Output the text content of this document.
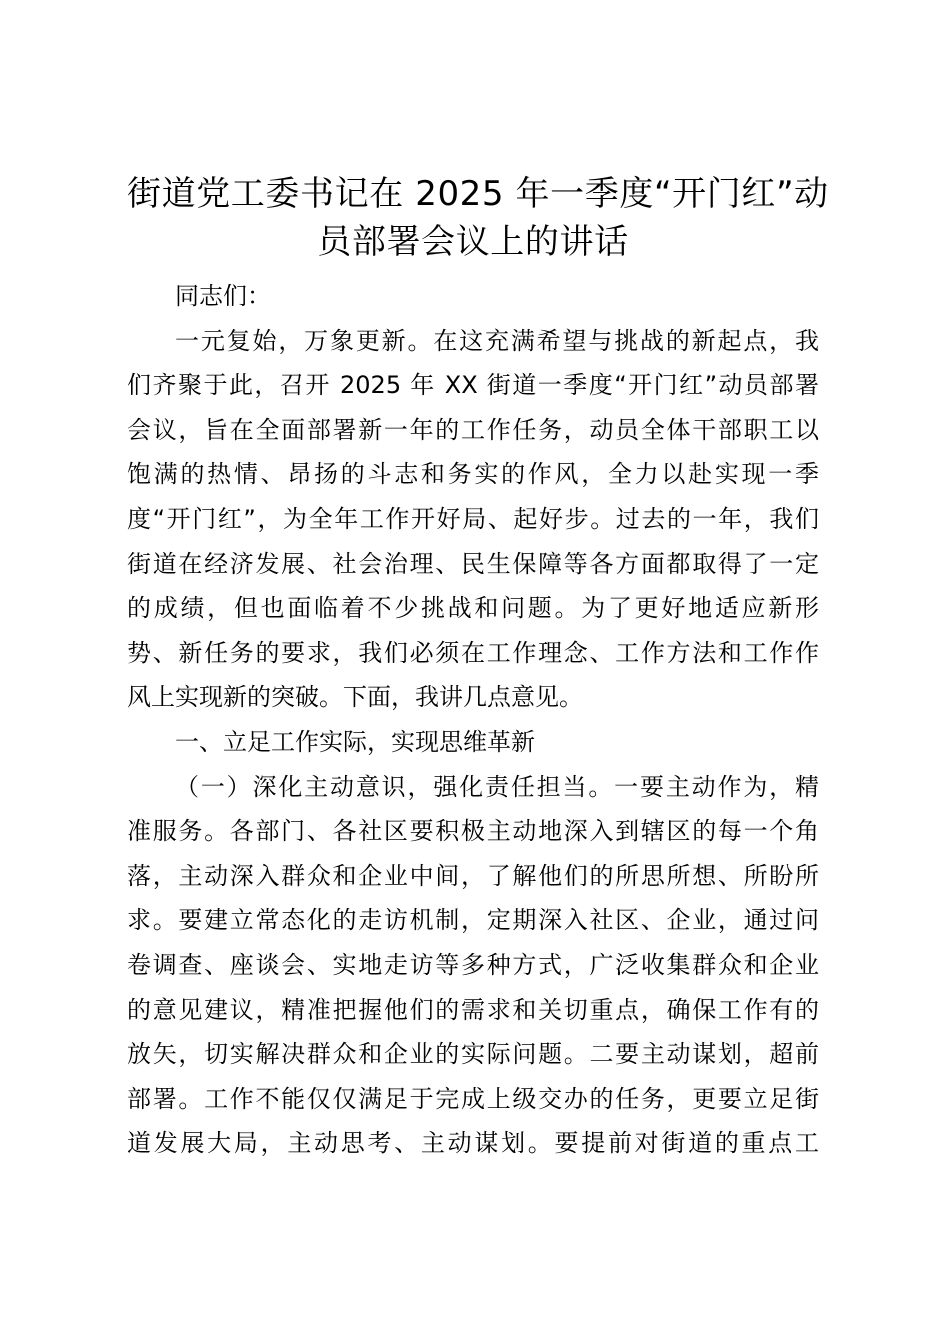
街道党工委书记在 2025 年一季度“开门红”动
员部署会议上的讲话

同志们：

一元复始，万象更新。在这充满希望与挑战的新起点，我
们齐聚于此，召开 2025 年 XX 街道一季度“开门红”动员部署
会议，旨在全面部署新一年的工作任务，动员全体干部职工以
饱满的热情、昂扬的斗志和务实的作风，全力以赴实现一季
度“开门红”，为全年工作开好局、起好步。过去的一年，我们
街道在经济发展、社会治理、民生保障等各方面都取得了一定
的成绩，但也面临着不少挑战和问题。为了更好地适应新形
势、新任务的要求，我们必须在工作理念、工作方法和工作作
风上实现新的突破。下面，我讲几点意见。
一、立足工作实际，实现思维革新
（一）深化主动意识，强化责任担当。一要主动作为，精
准服务。各部门、各社区要积极主动地深入到辖区的每一个角
落，主动深入群众和企业中间，了解他们的所思所想、所盼所
求。要建立常态化的走访机制，定期深入社区、企业，通过问
卷调查、座谈会、实地走访等多种方式，广泛收集群众和企业
的意见建议，精准把握他们的需求和关切重点，确保工作有的
放矢，切实解决群众和企业的实际问题。二要主动谋划，超前
部署。工作不能仅仅满足于完成上级交办的任务，更要立足街
道发展大局，主动思考、主动谋划。要提前对街道的重点工
